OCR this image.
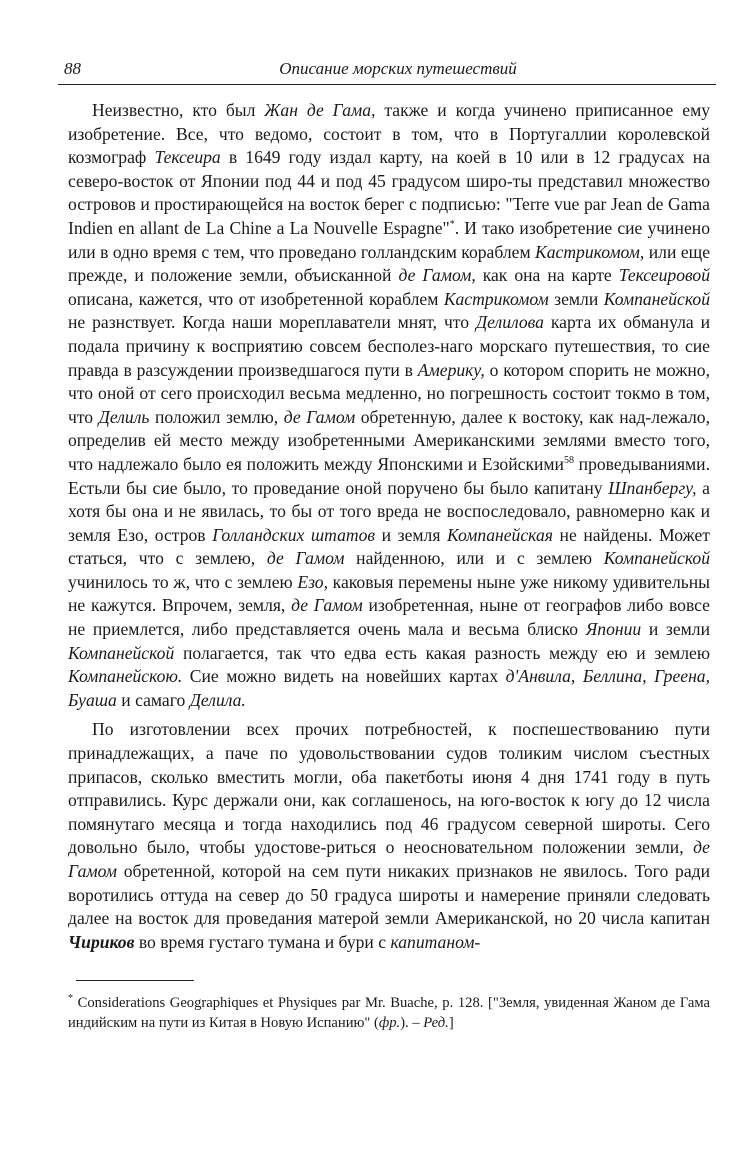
88	Описание морских путешествий

Неизвестно, кто был Жан де Гама, также и когда учинено приписанное ему изобретение. Все, что ведомо, состоит в том, что в Португаллии королевской козмограф Тексеира в 1649 году издал карту, на коей в 10 или в 12 градусах на северо-восток от Японии под 44 и под 45 градусом широ-ты представил множество островов и простирающейся на восток берег с подписью: "Terre vue par Jean de Gama Indien en allant de La Chine a La Nouvelle Espagne"*. И тако изобретение сие учинено или в одно время с тем, что проведано голландским кораблем Кастрикомом, или еще прежде, и положение земли, объисканной де Гамом, как она на карте Тексеировой описана, кажется, что от изобретенной кораблем Кастрикомом земли Компанейской не разнствует. Когда наши мореплаватели мнят, что Делилова карта их обманула и подала причину к восприятию совсем бесполез-наго морскаго путешествия, то сие правда в разсуждении произведшагося пути в Америку, о котором спорить не можно, что оной от сего происходил весьма медленно, но погрешность состоит токмо в том, что Делиль положил землю, де Гамом обретенную, далее к востоку, как над-лежало, определив ей место между изобретенными Американскими землями вместо того, что надлежало было ея положить между Японскими и Езойскими$^{58}$ проведываниями. Естьли бы сие было, то проведание оной поручено бы было капитану Шпанбергу, а хотя бы она и не явилась, то бы от того вреда не воспоследовало, равномерно как и земля Езо, остров Голландских штатов и земля Компанейская не найдены. Может статься, что с землею, де Гамом найденною, или и с землею Компанейской учинилось то ж, что с землею Езо, каковыя перемены ныне уже никому удивительны не кажутся. Впрочем, земля, де Гамом изобретенная, ныне от географов либо вовсе не приемлется, либо представляется очень мала и весьма блиско Японии и земли Компанейской полагается, так что едва есть какая разность между ею и землею Компанейскою. Сие можно видеть на новейших картах д'Анвила, Беллина, Греена, Буаша и самаго Делила.

По изготовлении всех прочих потребностей, к поспешествованию пути принадлежащих, а паче по удовольствовании судов толиким числом съестных припасов, сколько вместить могли, оба пакетботы июня 4 дня 1741 году в путь отправились. Курс держали они, как соглашенось, на юго-восток к югу до 12 числа помянутаго месяца и тогда находились под 46 градусом северной широты. Сего довольно было, чтобы удостове-риться о неосновательном положении земли, де Гамом обретенной, которой на сем пути никаких признаков не явилось. Того ради воротились оттуда на север до 50 градуса широты и намерение приняли следовать далее на восток для проведания матерой земли Американской, но 20 числа капитан Чириков во время густаго тумана и бури с капитаном-

* Considerations Geographiques et Physiques par Mr. Buache, p. 128. ["Земля, увиденная Жаном де Гама индийским на пути из Китая в Новую Испанию" (фр.). – Ред.]
